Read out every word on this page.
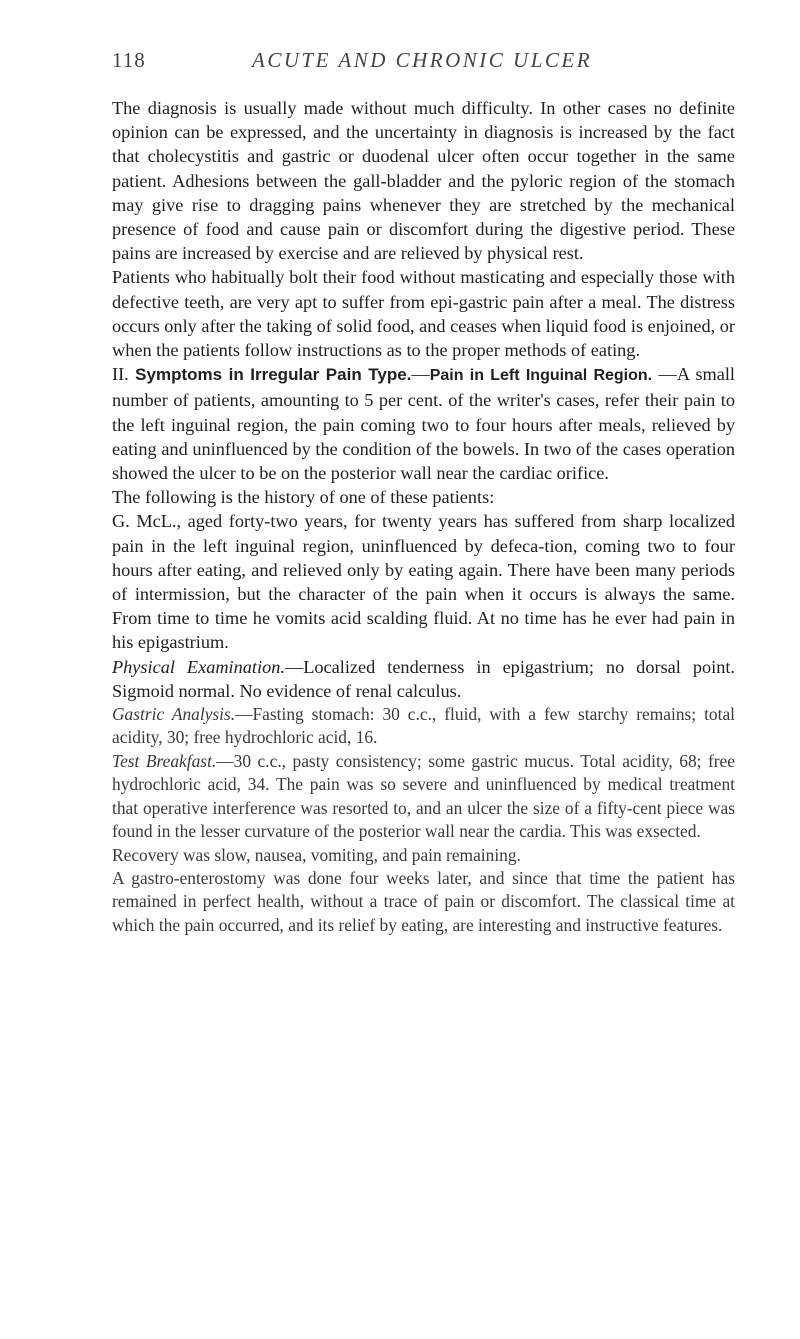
118	ACUTE AND CHRONIC ULCER

The diagnosis is usually made without much difficulty. In other cases no definite opinion can be expressed, and the uncertainty in diagnosis is increased by the fact that cholecystitis and gastric or duodenal ulcer often occur together in the same patient. Adhesions between the gall-bladder and the pyloric region of the stomach may give rise to dragging pains whenever they are stretched by the mechanical presence of food and cause pain or discomfort during the digestive period. These pains are increased by exercise and are relieved by physical rest.

Patients who habitually bolt their food without masticating and especially those with defective teeth, are very apt to suffer from epi-gastric pain after a meal. The distress occurs only after the taking of solid food, and ceases when liquid food is enjoined, or when the patients follow instructions as to the proper methods of eating.

II. Symptoms in Irregular Pain Type.—Pain in Left Inguinal Region. —A small number of patients, amounting to 5 per cent. of the writer's cases, refer their pain to the left inguinal region, the pain coming two to four hours after meals, relieved by eating and uninfluenced by the condition of the bowels. In two of the cases operation showed the ulcer to be on the posterior wall near the cardiac orifice.

The following is the history of one of these patients:

G. McL., aged forty-two years, for twenty years has suffered from sharp localized pain in the left inguinal region, uninfluenced by defeca-tion, coming two to four hours after eating, and relieved only by eating again. There have been many periods of intermission, but the character of the pain when it occurs is always the same. From time to time he vomits acid scalding fluid. At no time has he ever had pain in his epigastrium.

Physical Examination.—Localized tenderness in epigastrium; no dorsal point. Sigmoid normal. No evidence of renal calculus.

Gastric Analysis.—Fasting stomach: 30 c.c., fluid, with a few starchy remains; total acidity, 30; free hydrochloric acid, 16.

Test Breakfast.—30 c.c., pasty consistency; some gastric mucus. Total acidity, 68; free hydrochloric acid, 34. The pain was so severe and uninfluenced by medical treatment that operative interference was resorted to, and an ulcer the size of a fifty-cent piece was found in the lesser curvature of the posterior wall near the cardia. This was exsected.

Recovery was slow, nausea, vomiting, and pain remaining.

A gastro-enterostomy was done four weeks later, and since that time the patient has remained in perfect health, without a trace of pain or discomfort. The classical time at which the pain occurred, and its relief by eating, are interesting and instructive features.
